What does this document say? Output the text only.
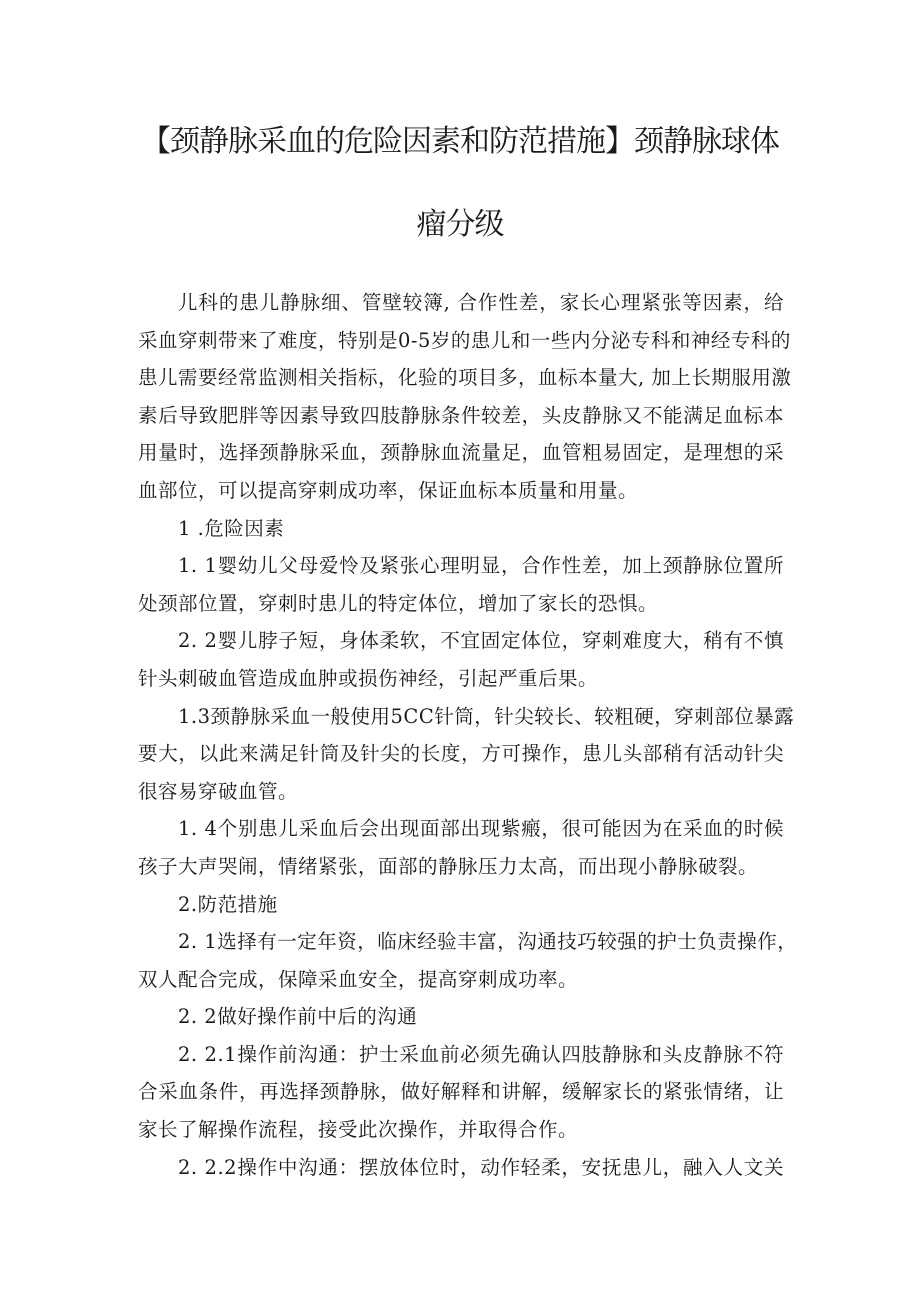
【颈静脉采血的危险因素和防范措施】颈静脉球体
瘤分级
儿科的患儿静脉细、管壁较簿, 合作性差，家长心理紧张等因素，给
采血穿刺带来了难度，特别是0-5岁的患儿和一些内分泌专科和神经专科的
患儿需要经常监测相关指标，化验的项目多，血标本量大, 加上长期服用激
素后导致肥胖等因素导致四肢静脉条件较差，头皮静脉又不能满足血标本
用量时，选择颈静脉采血，颈静脉血流量足，血管粗易固定，是理想的采
血部位，可以提高穿刺成功率，保证血标本质量和用量。
1 .危险因素
1. 1婴幼儿父母爱怜及紧张心理明显，合作性差，加上颈静脉位置所
处颈部位置，穿刺时患儿的特定体位，增加了家长的恐惧。
2. 2婴儿脖子短，身体柔软，不宜固定体位，穿刺难度大，稍有不慎
针头刺破血管造成血肿或损伤神经，引起严重后果。
1.3颈静脉采血一般使用5CC针筒，针尖较长、较粗硬，穿刺部位暴露
要大，以此来满足针筒及针尖的长度，方可操作，患儿头部稍有活动针尖
很容易穿破血管。
1. 4个别患儿采血后会出现面部出现紫瘢，很可能因为在采血的时候
孩子大声哭闹，情绪紧张，面部的静脉压力太高，而出现小静脉破裂。
2.防范措施
2. 1选择有一定年资，临床经验丰富，沟通技巧较强的护士负责操作，
双人配合完成，保障采血安全，提高穿刺成功率。
2. 2做好操作前中后的沟通
2. 2.1操作前沟通：护士采血前必须先确认四肢静脉和头皮静脉不符
合采血条件，再选择颈静脉，做好解释和讲解，缓解家长的紧张情绪，让
家长了解操作流程，接受此次操作，并取得合作。
2. 2.2操作中沟通：摆放体位时，动作轻柔，安抚患儿，融入人文关
